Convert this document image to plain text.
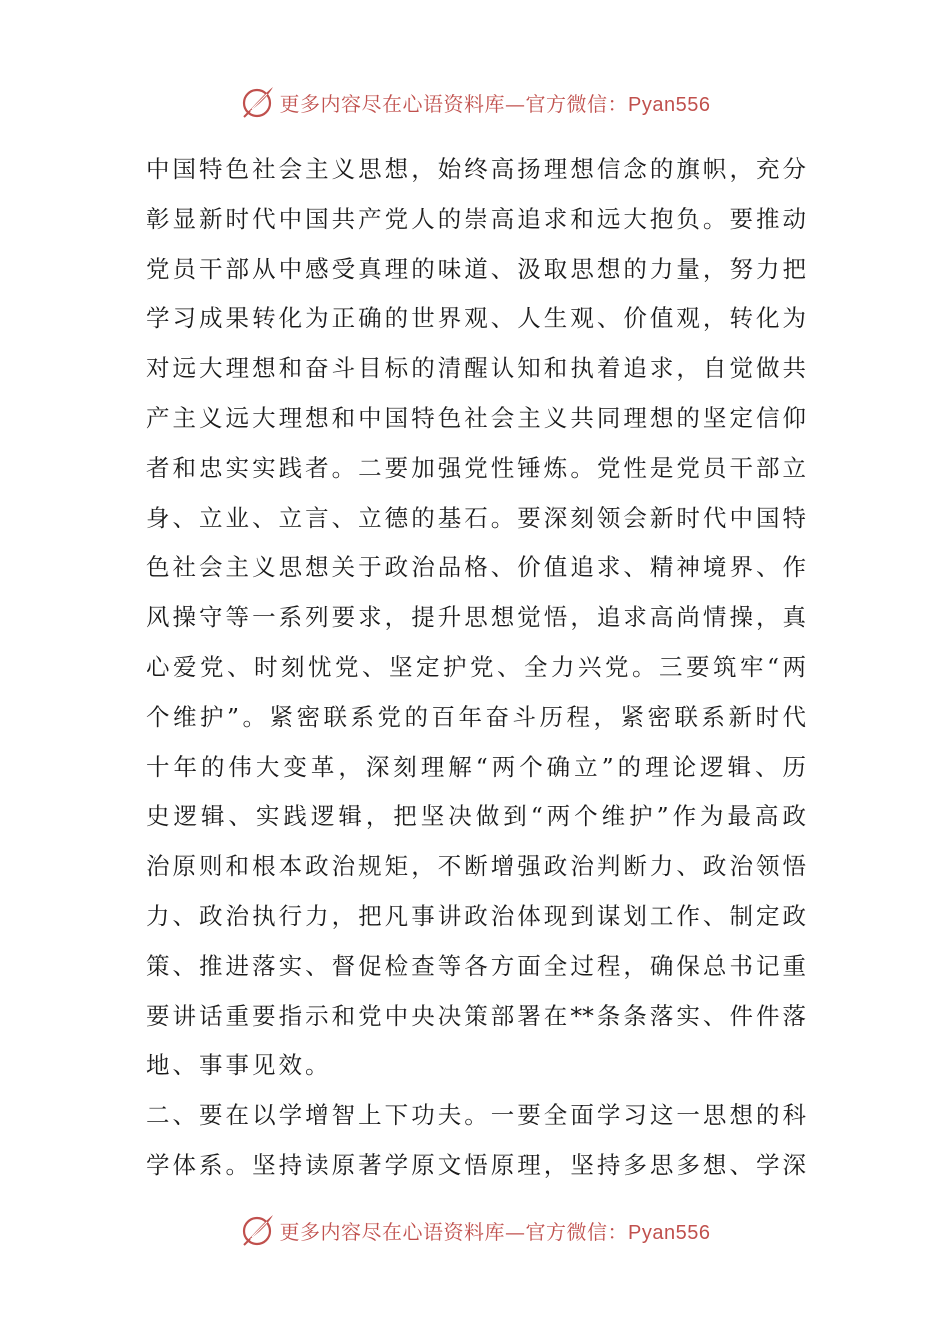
更多内容尽在心语资料库—官方微信：Pyan556
中国特色社会主义思想，始终高扬理想信念的旗帜，充分
彰显新时代中国共产党人的崇高追求和远大抱负。要推动
党员干部从中感受真理的味道、汲取思想的力量，努力把
学习成果转化为正确的世界观、人生观、价值观，转化为
对远大理想和奋斗目标的清醒认知和执着追求，自觉做共
产主义远大理想和中国特色社会主义共同理想的坚定信仰
者和忠实实践者。二要加强党性锤炼。党性是党员干部立
身、立业、立言、立德的基石。要深刻领会新时代中国特
色社会主义思想关于政治品格、价值追求、精神境界、作
风操守等一系列要求，提升思想觉悟，追求高尚情操，真
心爱党、时刻忧党、坚定护党、全力兴党。三要筑牢“两
个维护”。紧密联系党的百年奋斗历程，紧密联系新时代
十年的伟大变革，深刻理解“两个确立”的理论逻辑、历
史逻辑、实践逻辑，把坚决做到“两个维护”作为最高政
治原则和根本政治规矩，不断增强政治判断力、政治领悟
力、政治执行力，把凡事讲政治体现到谋划工作、制定政
策、推进落实、督促检查等各方面全过程，确保总书记重
要讲话重要指示和党中央决策部署在**条条落实、件件落
地、事事见效。
二、要在以学增智上下功夫。一要全面学习这一思想的科
学体系。坚持读原著学原文悟原理，坚持多思多想、学深
更多内容尽在心语资料库—官方微信：Pyan556
